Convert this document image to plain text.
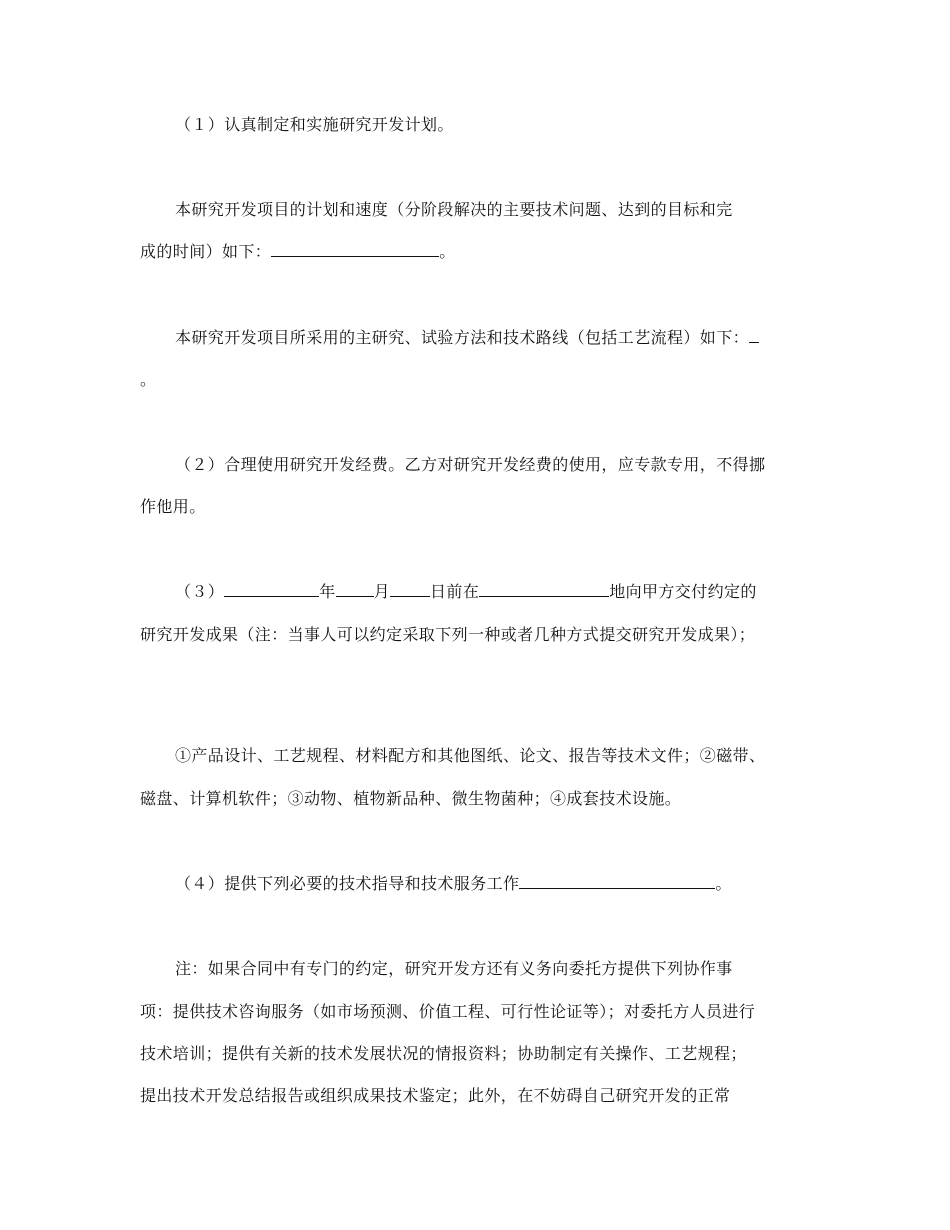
（１）认真制定和实施研究开发计划。
本研究开发项目的计划和速度（分阶段解决的主要技术问题、达到的目标和完
成的时间）如下：	。
本研究开发项目所采用的主研究、试验方法和技术路线（包括工艺流程）如下：
。
（２）合理使用研究开发经费。乙方对研究开发经费的使用，应专款专用，不得挪
作他用。
（３）	年 月	日前在	地向甲方交付约定的
研究开发成果（注：当事人可以约定采取下列一种或者几种方式提交研究开发成果）；
①产品设计、工艺规程、材料配方和其他图纸、论文、报告等技术文件；②磁带、
磁盘、计算机软件；③动物、植物新品种、微生物菌种；④成套技术设施。
（４）提供下列必要的技术指导和技术服务工作	。
注：如果合同中有专门的约定，研究开发方还有义务向委托方提供下列协作事
项：提供技术咨询服务（如市场预测、价值工程、可行性论证等）；对委托方人员进行
技术培训；提供有关新的技术发展状况的情报资料；协助制定有关操作、工艺规程；
提出技术开发总结报告或组织成果技术鉴定；此外，在不妨碍自己研究开发的正常
